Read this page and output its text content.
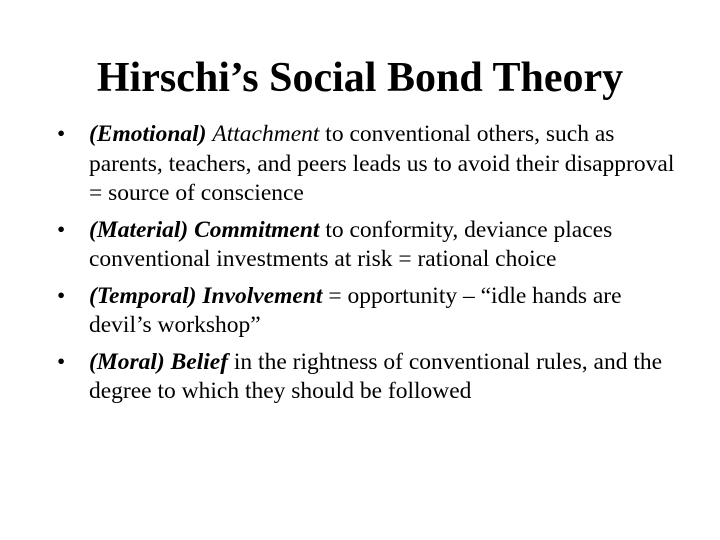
Hirschi’s Social Bond Theory
•	(Emotional) Attachment to conventional others, such as parents, teachers, and peers leads us to avoid their disapproval = source of conscience
•	(Material) Commitment to conformity, deviance places conventional investments at risk = rational choice
•	(Temporal) Involvement = opportunity – “idle hands are devil’s workshop”
•	(Moral) Belief in the rightness of conventional rules, and the degree to which they should be followed
